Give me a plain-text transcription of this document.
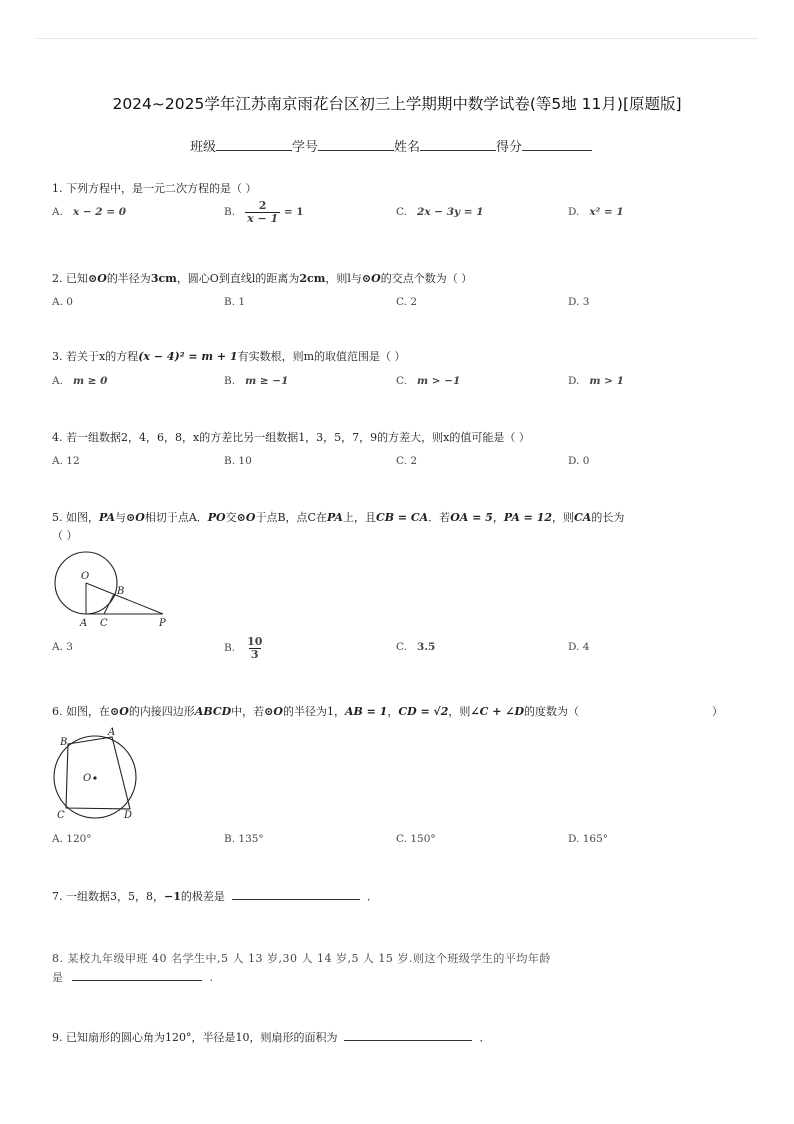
2024~2025学年江苏南京雨花台区初三上学期期中数学试卷(等5地 11月)[原题版]
班级	学号	姓名	得分
1. 下列方程中，是一元二次方程的是（ ）
A. x − 2 = 0	B. $\frac{2}{x - 1} = 1$	C. 2x − 3y = 1	D. x² = 1
2. 已知⊙O的半径为3cm，圆心O到直线l的距离为2cm，则l与⊙O的交点个数为（ ）
A. 0	B. 1	C. 2	D. 3
3. 若关于x的方程(x − 4)² = m + 1有实数根，则m的取值范围是（ ）
A. m ≥ 0	B. m ≥ −1	C. m > −1	D. m > 1
4. 若一组数据2，4，6，8，x的方差比另一组数据1，3，5，7，9的方差大，则x的值可能是（ ）
A. 12	B. 10	C. 2	D. 0
5. 如图，PA与⊙O相切于点A．PO交⊙O于点B，点C在PA上，且CB = CA．若OA = 5，PA = 12，则CA的长为
（ ）
O
B
A C	P
A. 3	B. $\frac{10}{3}$	C. 3.5	D. 4
6. 如图，在⊙O的内接四边形ABCD中，若⊙O的半径为1，AB = 1，CD = √2，则∠C + ∠D的度数为（	）
B
A
O
C	D
A. 120°	B. 135°	C. 150°	D. 165°
7. 一组数据3，5，8，−1的极差是	．
8. 某校九年级甲班 40 名学生中,5 人 13 岁,30 人 14 岁,5 人 15 岁.则这个班级学生的平均年龄
是	.
9. 已知扇形的圆心角为120°，半径是10，则扇形的面积为	．
